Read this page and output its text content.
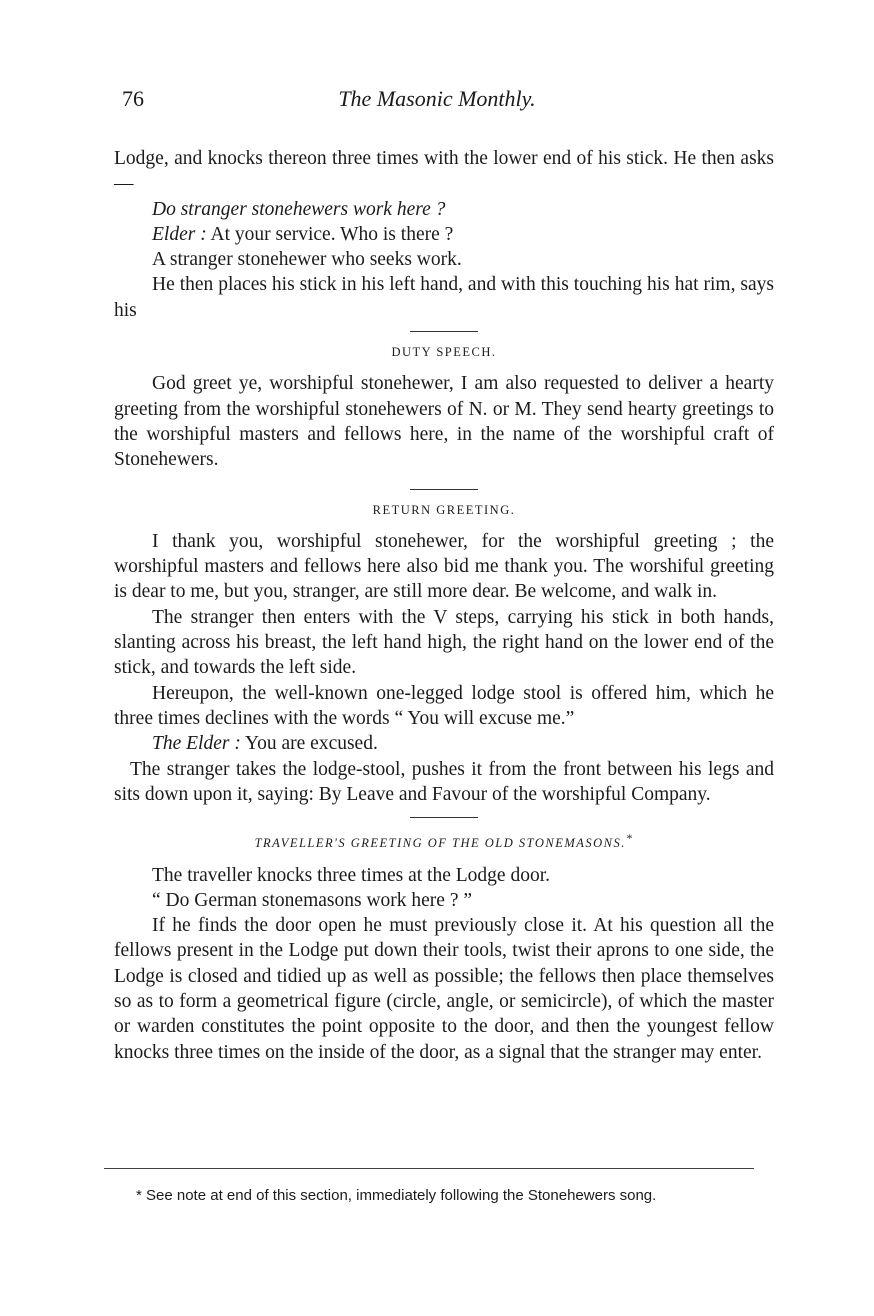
76	The Masonic Monthly.

Lodge, and knocks thereon three times with the lower end of his stick. He then asks—

Do stranger stonehewers work here ?

Elder : At your service. Who is there ?

A stranger stonehewer who seeks work.

He then places his stick in his left hand, and with this touching his hat rim, says his

DUTY SPEECH.

God greet ye, worshipful stonehewer, I am also requested to deliver a hearty greeting from the worshipful stonehewers of N. or M. They send hearty greetings to the worshipful masters and fellows here, in the name of the worshipful craft of Stonehewers.

RETURN GREETING.

I thank you, worshipful stonehewer, for the worshipful greeting ; the worshipful masters and fellows here also bid me thank you. The worshiful greeting is dear to me, but you, stranger, are still more dear. Be welcome, and walk in.

The stranger then enters with the V steps, carrying his stick in both hands, slanting across his breast, the left hand high, the right hand on the lower end of the stick, and towards the left side.

Hereupon, the well-known one-legged lodge stool is offered him, which he three times declines with the words “ You will excuse me.”

The Elder : You are excused.

The stranger takes the lodge-stool, pushes it from the front between his legs and sits down upon it, saying: By Leave and Favour of the worshipful Company.

TRAVELLER'S GREETING OF THE OLD STONEMASONS.*

The traveller knocks three times at the Lodge door.

“ Do German stonemasons work here ? ”

If he finds the door open he must previously close it. At his question all the fellows present in the Lodge put down their tools, twist their aprons to one side, the Lodge is closed and tidied up as well as possible; the fellows then place themselves so as to form a geometrical figure (circle, angle, or semicircle), of which the master or warden constitutes the point opposite to the door, and then the youngest fellow knocks three times on the inside of the door, as a signal that the stranger may enter.

* See note at end of this section, immediately following the Stonehewers song.
